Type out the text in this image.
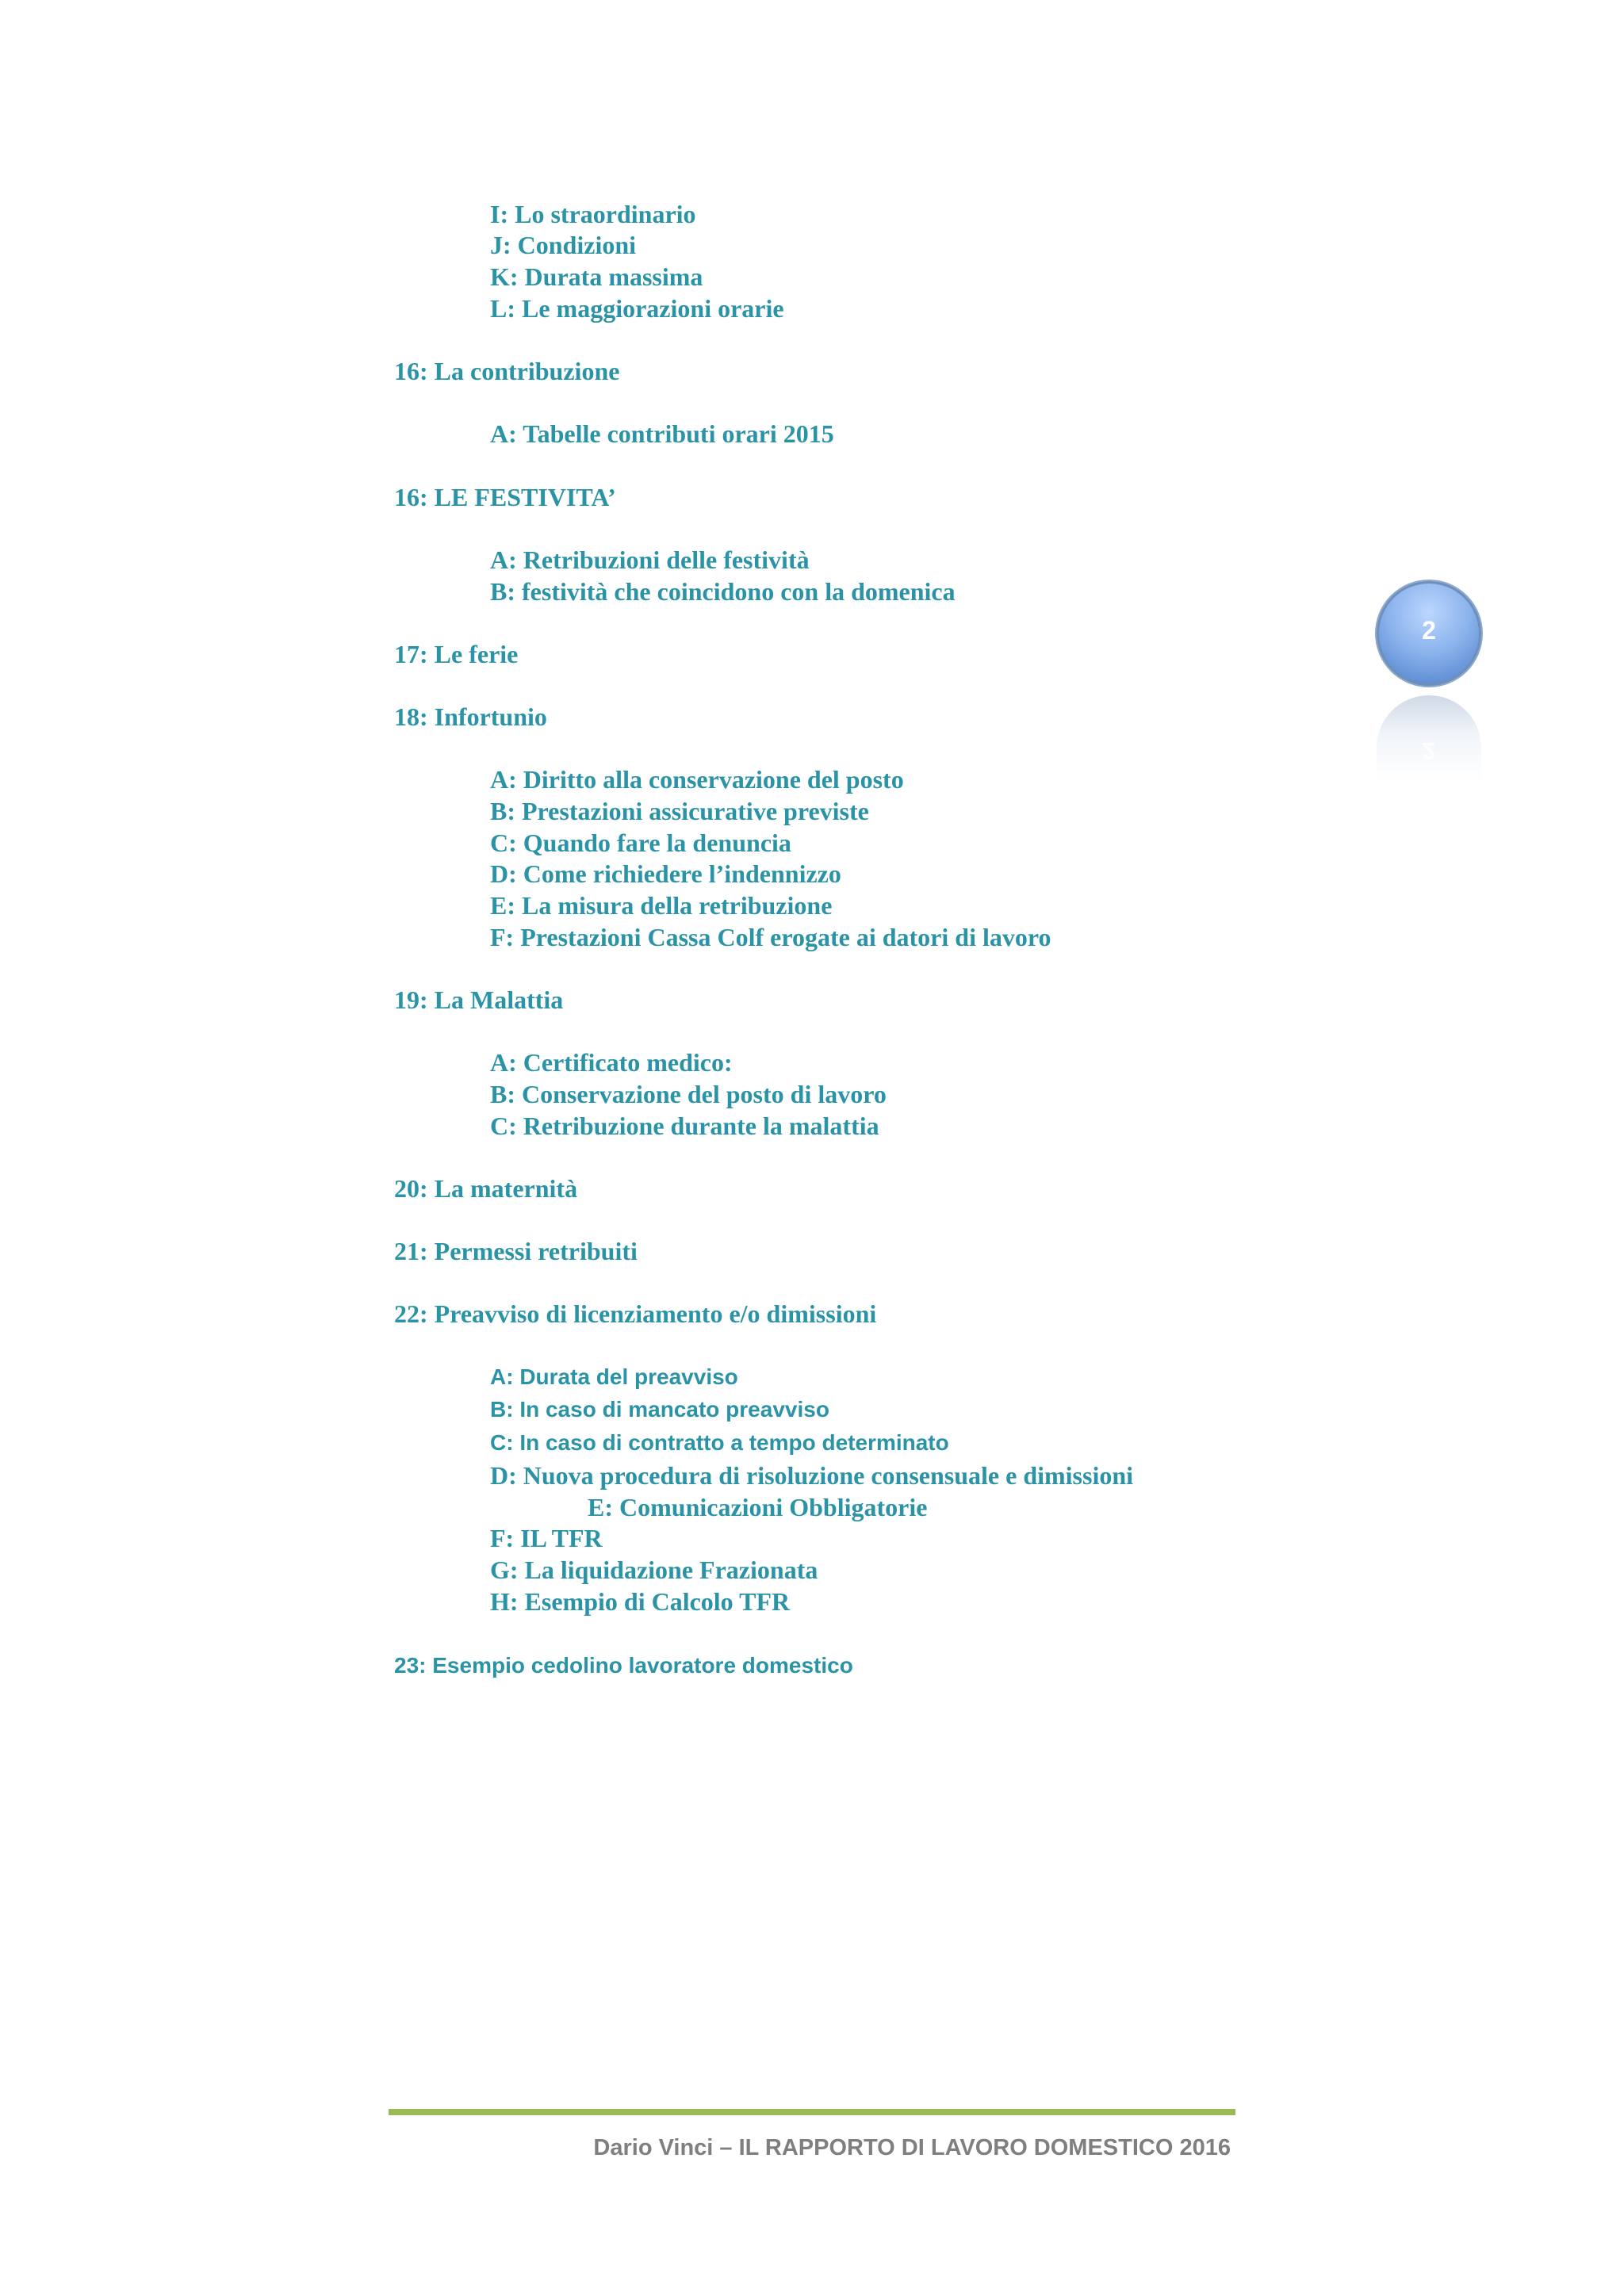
I: Lo straordinario
J: Condizioni
K: Durata massima
L: Le maggiorazioni orarie
16: La contribuzione
A: Tabelle contributi orari 2015
16: LE FESTIVITA’
A: Retribuzioni delle festività
B: festività che coincidono con la domenica
17: Le ferie
18: Infortunio
A: Diritto alla conservazione del posto
B: Prestazioni assicurative previste
C: Quando fare la denuncia
D: Come richiedere l’indennizzo
E: La misura della retribuzione
F: Prestazioni Cassa Colf erogate ai datori di lavoro
19: La Malattia
A: Certificato medico:
B: Conservazione del posto di lavoro
C: Retribuzione durante la malattia
20: La maternità
21: Permessi retribuiti
22: Preavviso di licenziamento e/o dimissioni
A: Durata del preavviso
B: In caso di mancato preavviso
C: In caso di contratto a tempo determinato
D: Nuova procedura di risoluzione consensuale e dimissioni
E: Comunicazioni Obbligatorie
F: IL TFR
G: La liquidazione Frazionata
H: Esempio di Calcolo TFR
23: Esempio cedolino lavoratore domestico
2
2
Dario Vinci – IL RAPPORTO DI LAVORO DOMESTICO 2016
